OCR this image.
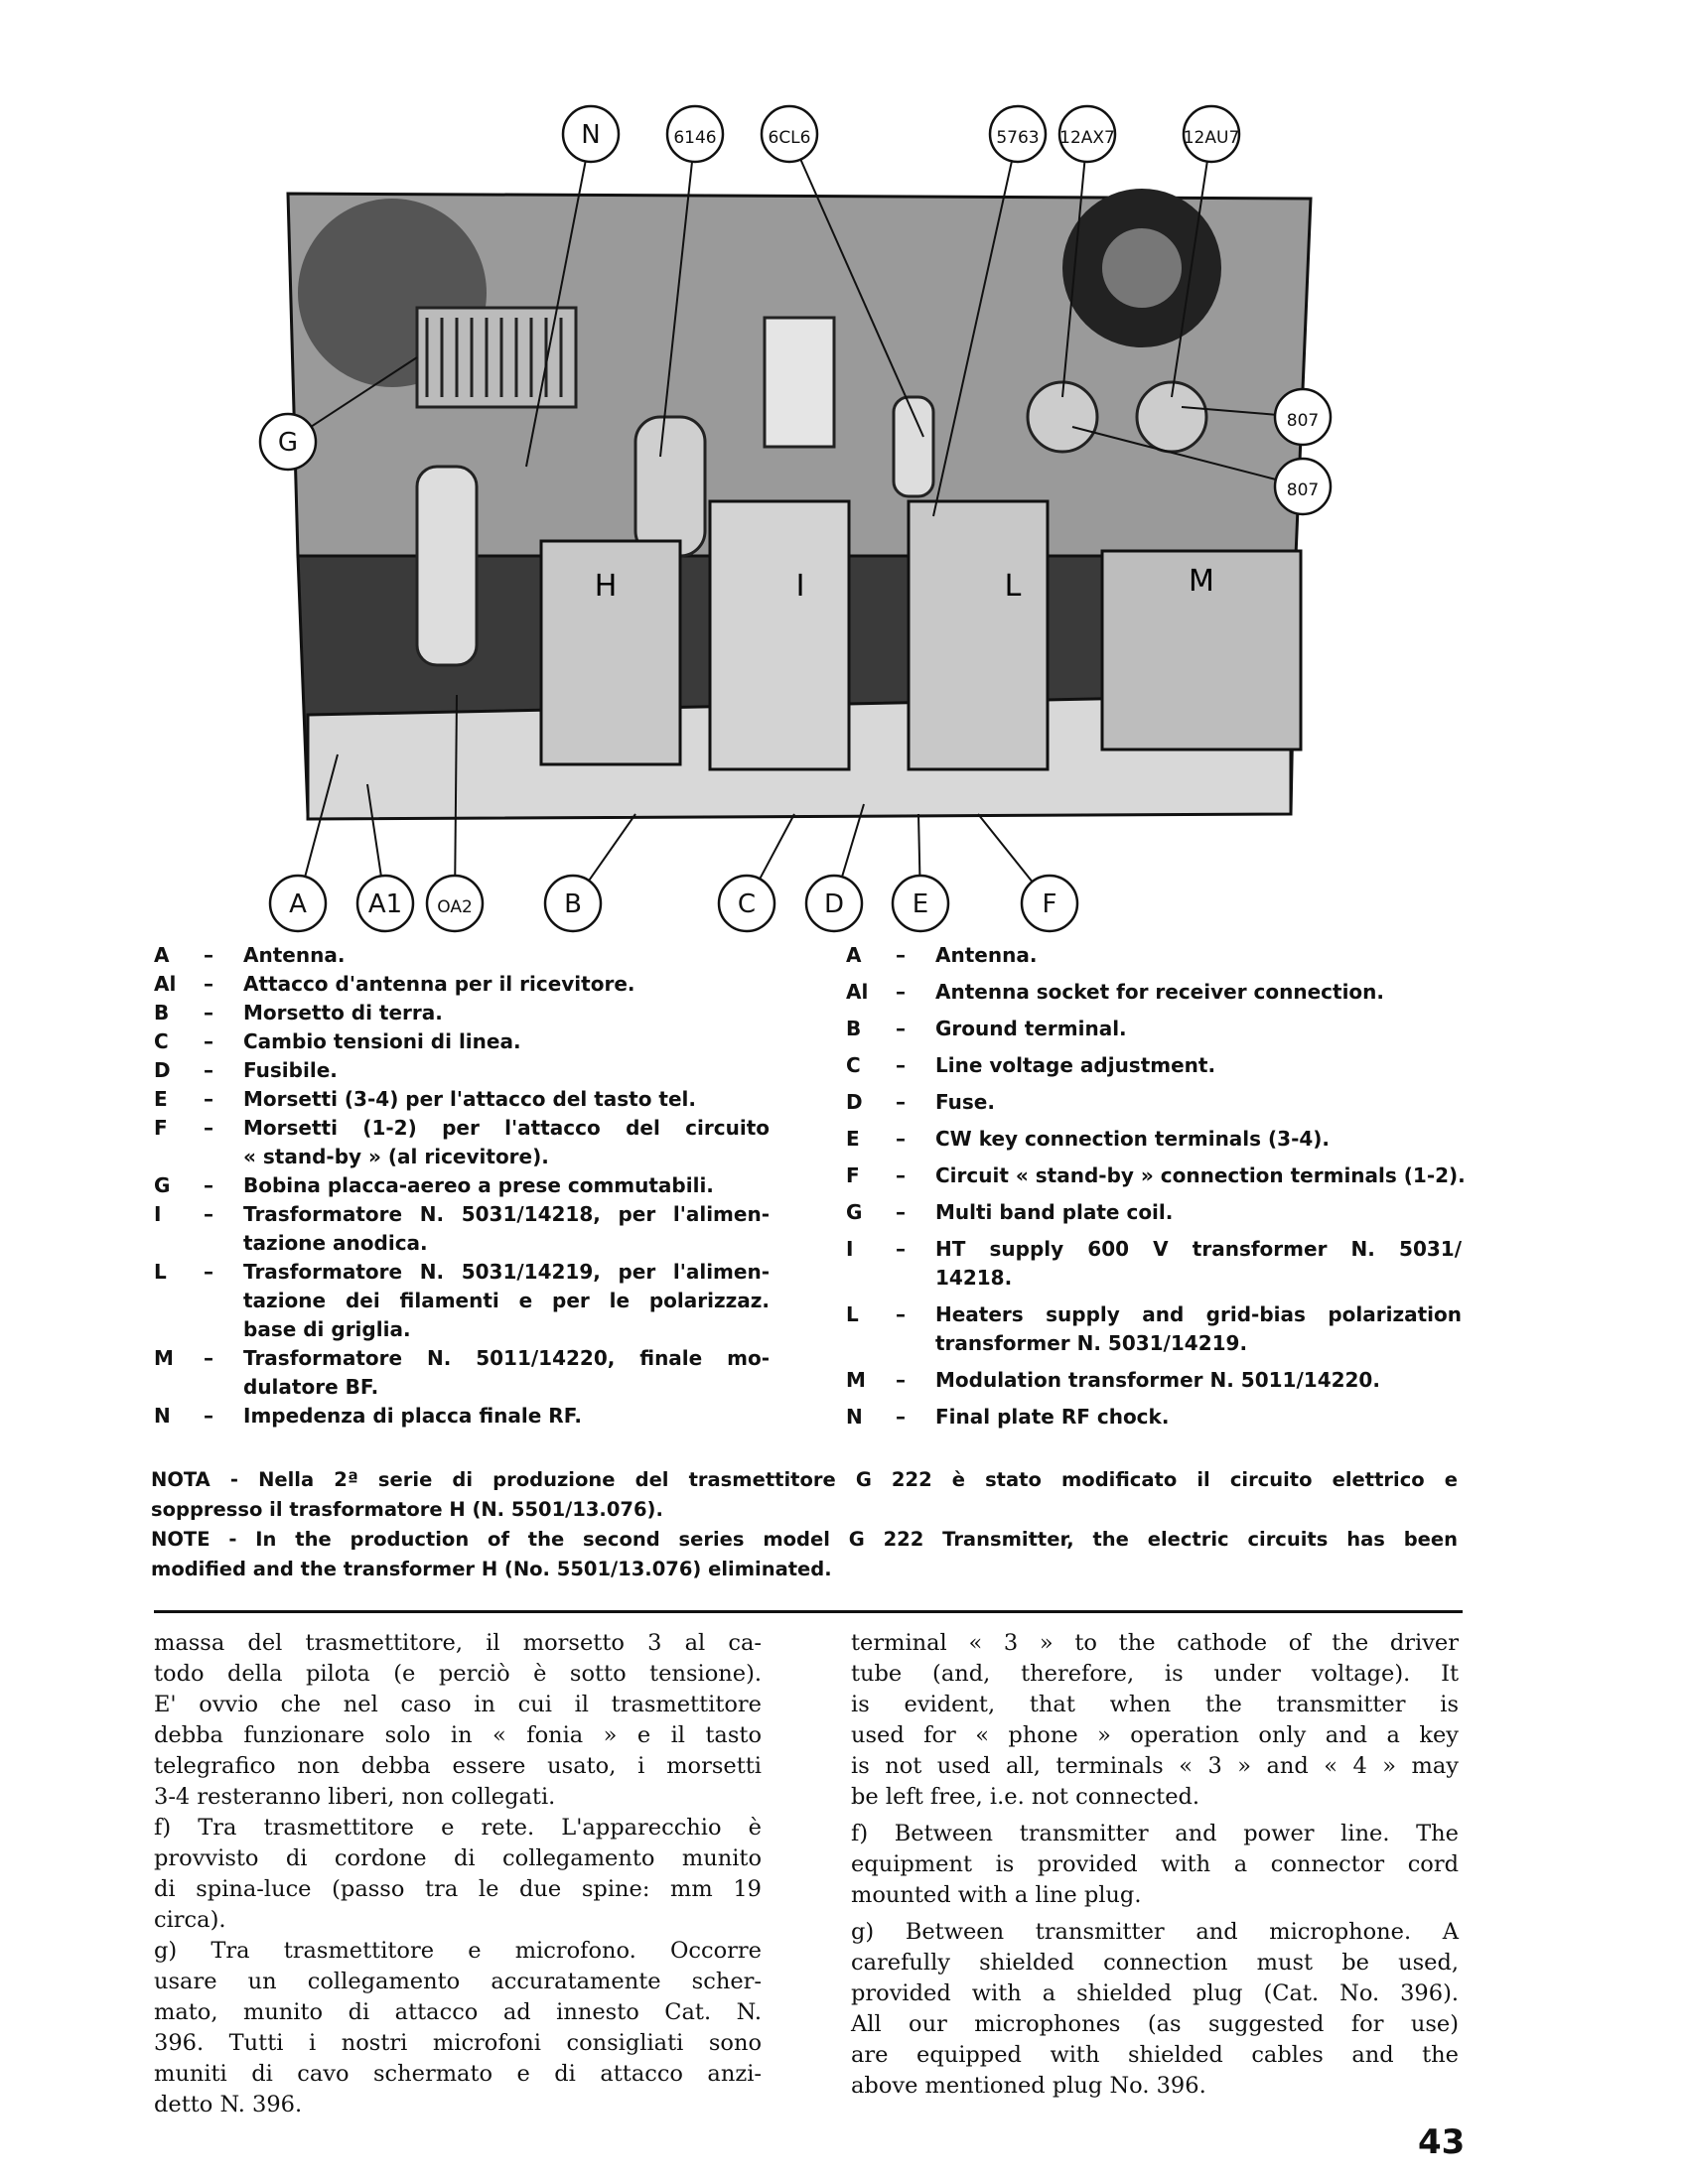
H	I	L	M
N	6146	6CL6	5763 12AX7	12AU7
G
807
807
A A1 OA2	B	C	D	E	F
A	–	Antenna.
Al	–	Attacco d'antenna per il ricevitore.
B	–	Morsetto di terra.
C	–	Cambio tensioni di linea.
D	–	Fusibile.
E	–	Morsetti (3-4) per l'attacco del tasto tel.
F	–	Morsetti (1-2) per l'attacco del circuito
« stand-by » (al ricevitore).
G	–	Bobina placca-aereo a prese commutabili.
I	–	Trasformatore N. 5031/14218, per l'alimen-
tazione anodica.
L	–	Trasformatore N. 5031/14219, per l'alimen-
tazione dei filamenti e per le polarizzaz.
base di griglia.
M	–	Trasformatore N. 5011/14220, finale mo-
dulatore BF.
N	–	Impedenza di placca finale RF.
A	–	Antenna.
Al	–	Antenna socket for receiver connection.
B	–	Ground terminal.
C	–	Line voltage adjustment.
D	–	Fuse.
E	–	CW key connection terminals (3-4).
F	–	Circuit « stand-by » connection terminals (1-2).
G	–	Multi band plate coil.
I	–	HT supply 600 V transformer N. 5031/
14218.
L	–	Heaters supply and grid-bias polarization
transformer N. 5031/14219.
M	–	Modulation transformer N. 5011/14220.
N	–	Final plate RF chock.
NOTA - Nella 2ª serie di produzione del trasmettitore G 222 è stato modificato il circuito elettrico e
soppresso il trasformatore H (N. 5501/13.076).
NOTE - In the production of the second series model G 222 Transmitter, the electric circuits has been
modified and the transformer H (No. 5501/13.076) eliminated.
massa del trasmettitore, il morsetto 3 al ca-
todo della pilota (e perciò è sotto tensione).
E' ovvio che nel caso in cui il trasmettitore
debba funzionare solo in « fonia » e il tasto
telegrafico non debba essere usato, i morsetti
3-4 resteranno liberi, non collegati.
f) Tra trasmettitore e rete. L'apparecchio è
provvisto di cordone di collegamento munito
di spina-luce (passo tra le due spine: mm 19
circa).
g) Tra trasmettitore e microfono. Occorre
usare un collegamento accuratamente scher-
mato, munito di attacco ad innesto Cat. N.
396. Tutti i nostri microfoni consigliati sono
muniti di cavo schermato e di attacco anzi-
detto N. 396.
terminal « 3 » to the cathode of the driver
tube (and, therefore, is under voltage). It
is evident, that when the transmitter is
used for « phone » operation only and a key
is not used all, terminals « 3 » and « 4 » may
be left free, i.e. not connected.
f) Between transmitter and power line. The
equipment is provided with a connector cord
mounted with a line plug.
g) Between transmitter and microphone. A
carefully shielded connection must be used,
provided with a shielded plug (Cat. No. 396).
All our microphones (as suggested for use)
are equipped with shielded cables and the
above mentioned plug No. 396.
43
